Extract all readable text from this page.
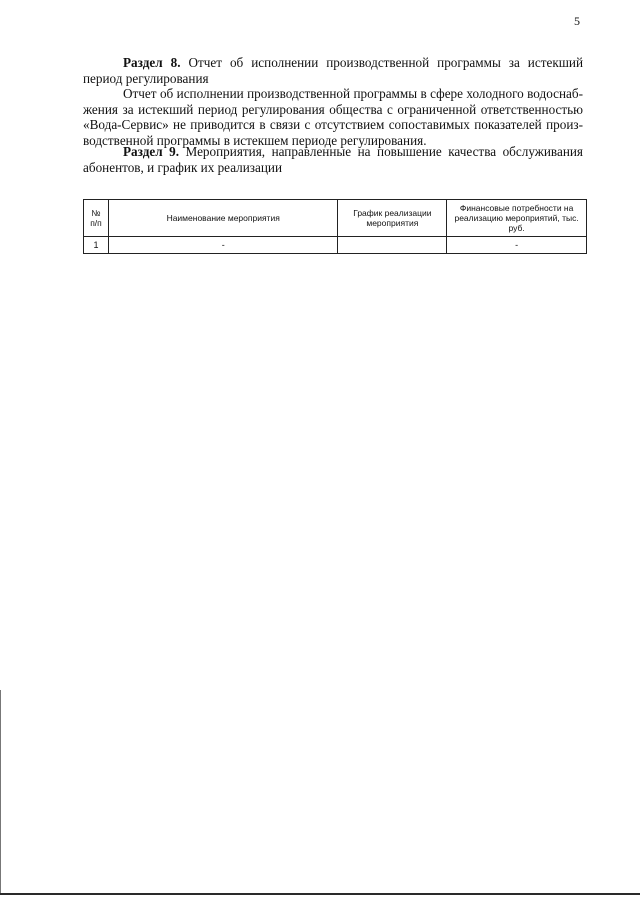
5

Раздел 8. Отчет об исполнении производственной программы за истекший период регулирования

Отчет об исполнении производственной программы в сфере холодного водоснаб-жения за истекший период регулирования общества с ограниченной ответственностью «Вода-Сервис» не приводится в связи с отсутствием сопоставимых показателей произ-водственной программы в истекшем периоде регулирования.

Раздел 9. Мероприятия, направленные на повышение качества обслуживания абонентов, и график их реализации

№ п/п	Наименование мероприятия	График реализации мероприятия	Финансовые потребности на реализацию мероприятий, тыс. руб.
1	-		-
